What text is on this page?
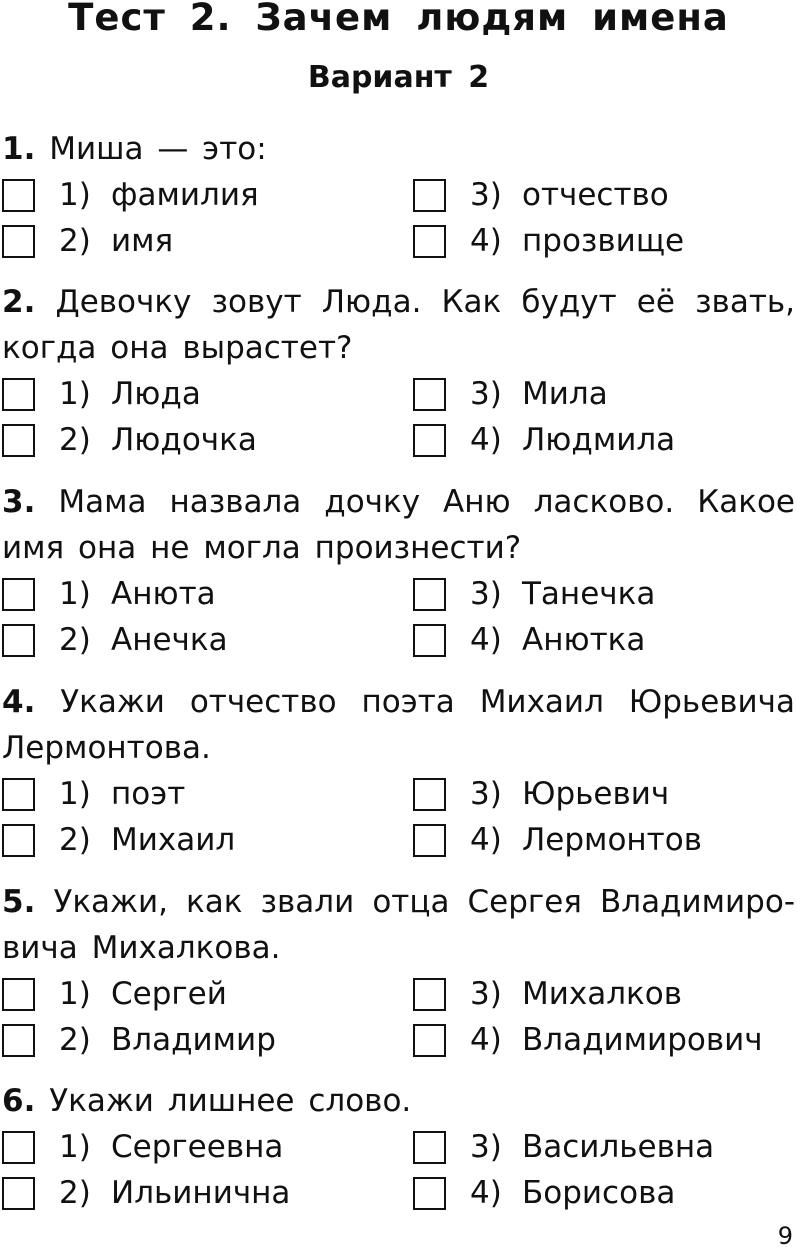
Тест 2. Зачем людям имена
Вариант 2

1. Миша — это:

1) фамилия
2) имя
3) отчество
4) прозвище

2. Девочку зовут Люда. Как будут её звать, когда она вырастет?

1) Люда
2) Людочка
3) Мила
4) Людмила

3. Мама назвала дочку Аню ласково. Какое имя она не могла произнести?

1) Анюта
2) Анечка
3) Танечка
4) Анютка

4. Укажи отчество поэта Михаил Юрьевича Лермонтова.

1) поэт
2) Михаил
3) Юрьевич
4) Лермонтов

5. Укажи, как звали отца Сергея Владимиро-вича Михалкова.

1) Сергей
2) Владимир
3) Михалков
4) Владимирович

6. Укажи лишнее слово.

1) Сергеевна
2) Ильинична
3) Васильевна
4) Борисова
9
